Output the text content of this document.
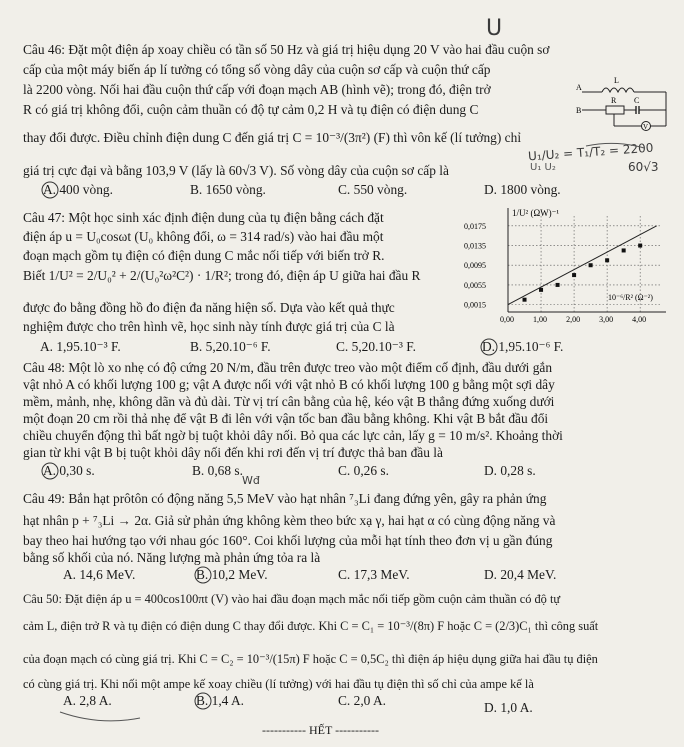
Câu 46: Đặt một điện áp xoay chiều có tần số 50 Hz và giá trị hiệu dụng 20 V vào hai đầu cuộn sơ
cấp của một máy biến áp lí tưởng có tổng số vòng dây của cuộn sơ cấp và cuộn thứ cấp
là 2200 vòng. Nối hai đầu cuộn thứ cấp với đoạn mạch AB (hình vẽ); trong đó, điện trở
R có giá trị không đổi, cuộn cảm thuần có độ tự cảm 0,2 H và tụ điện có điện dung C
thay đổi được. Điều chỉnh điện dung C đến giá trị C = 10⁻³/(3π²) (F) thì vôn kế (lí tưởng) chỉ
giá trị cực đại và bằng 103,9 V (lấy là 60√3 V). Số vòng dây của cuộn sơ cấp là
V
A
B
L
R C
A. 400 vòng.	B. 1650 vòng.	C. 550 vòng.	D. 1800 vòng.
Câu 47: Một học sinh xác định điện dung của tụ điện bằng cách đặt
điện áp u = U₀cosωt (U₀ không đổi, ω = 314 rad/s) vào hai đầu một
đoạn mạch gồm tụ điện có điện dung C mắc nối tiếp với biến trở R.
Biết 1/U² = 2/U₀² + 2/(U₀²ω²C²) · 1/R²; trong đó, điện áp U giữa hai đầu R
được đo bằng đồng hồ đo điện đa năng hiện số. Dựa vào kết quả thực
nghiệm được cho trên hình vẽ, học sinh này tính được giá trị của C là
1/U² (ΩW)⁻¹
10⁻⁶/R² (Ω⁻²)
0,0175
0,0135
0,0095
0,0055
0,0015
0,00 1,00 2,00 3,00 4,00
A. 1,95.10⁻³ F.	B. 5,20.10⁻⁶ F.	C. 5,20.10⁻³ F.	D. 1,95.10⁻⁶ F.
Câu 48: Một lò xo nhẹ có độ cứng 20 N/m, đầu trên được treo vào một điểm cố định, đầu dưới gắn
vật nhỏ A có khối lượng 100 g; vật A được nối với vật nhỏ B có khối lượng 100 g bằng một sợi dây
mềm, mảnh, nhẹ, không dãn và đủ dài. Từ vị trí cân bằng của hệ, kéo vật B thẳng đứng xuống dưới
một đoạn 20 cm rồi thả nhẹ để vật B đi lên với vận tốc ban đầu bằng không. Khi vật B bắt đầu đổi
chiều chuyển động thì bất ngờ bị tuột khỏi dây nối. Bỏ qua các lực cản, lấy g = 10 m/s². Khoảng thời
gian từ khi vật B bị tuột khỏi dây nối đến khi rơi đến vị trí được thả ban đầu là
A. 0,30 s.	B. 0,68 s.	C. 0,26 s.	D. 0,28 s.
Câu 49: Bắn hạt prôtôn có động năng 5,5 MeV vào hạt nhân ⁷₃Li đang đứng yên, gây ra phản ứng
hạt nhân p + ⁷₃Li → 2α. Giả sử phản ứng không kèm theo bức xạ γ, hai hạt α có cùng động năng và
bay theo hai hướng tạo với nhau góc 160°. Coi khối lượng của mỗi hạt tính theo đơn vị u gần đúng
bằng số khối của nó. Năng lượng mà phản ứng tỏa ra là
A. 14,6 MeV.	B. 10,2 MeV.	C. 17,3 MeV.	D. 20,4 MeV.
Câu 50: Đặt điện áp u = 400cos100πt (V) vào hai đầu đoạn mạch mắc nối tiếp gồm cuộn cảm thuần có độ tự
cảm L, điện trở R và tụ điện có điện dung C thay đổi được. Khi C = C₁ = 10⁻³/(8π) F hoặc C = (2/3)C₁ thì công suất
của đoạn mạch có cùng giá trị. Khi C = C₂ = 10⁻³/(15π) F hoặc C = 0,5C₂ thì điện áp hiệu dụng giữa hai đầu tụ điện
có cùng giá trị. Khi nối một ampe kế xoay chiều (lí tưởng) với hai đầu tụ điện thì số chỉ của ampe kế là
A. 2,8 A.	B. 1,4 A.	C. 2,0 A.	D. 1,0 A.
----------- HẾT -----------
U
U₁/U₂ = T₁/T₂ = 2200
60√3
Wđ
U₁ U₂
